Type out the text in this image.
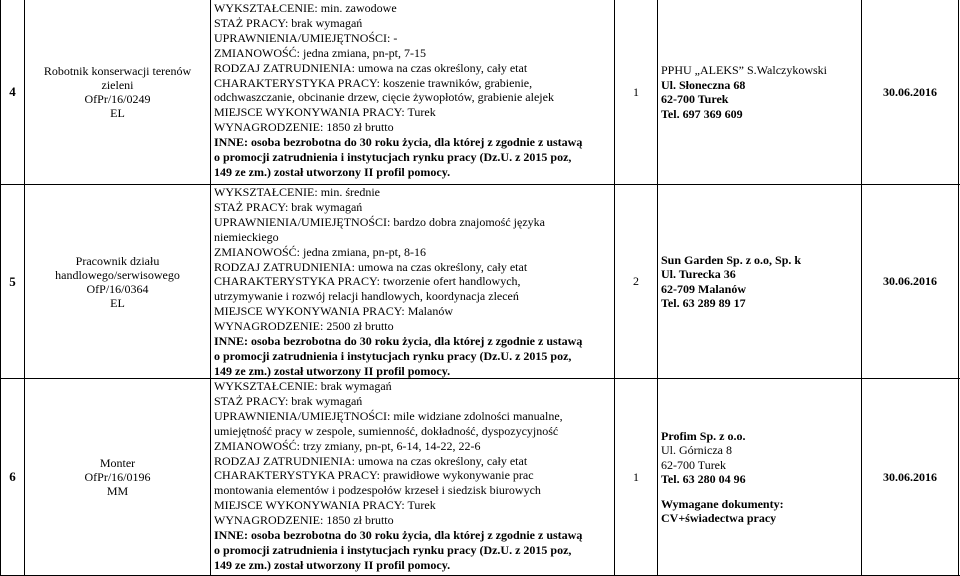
4
Robotnik konserwacji terenów
zieleni
OfPr/16/0249
EL
WYKSZTAŁCENIE: min. zawodowe
STAŻ PRACY: brak wymagań
UPRAWNIENIA/UMIEJĘTNOŚCI: -
ZMIANOWOŚĆ: jedna zmiana, pn-pt, 7-15
RODZAJ ZATRUDNIENIA: umowa na czas określony, cały etat
CHARAKTERYSTYKA PRACY: koszenie trawników, grabienie,
odchwaszczanie, obcinanie drzew, cięcie żywopłotów, grabienie alejek
MIEJSCE WYKONYWANIA PRACY: Turek
WYNAGRODZENIE: 1850 zł brutto
INNE: osoba bezrobotna do 30 roku życia, dla której z zgodnie z ustawą
o promocji zatrudnienia i instytucjach rynku pracy (Dz.U. z 2015 poz,
149 ze zm.) został utworzony II profil pomocy.
1
PPHU „ALEKS” S.Walczykowski
Ul. Słoneczna 68
62-700 Turek
Tel. 697 369 609
30.06.2016
5
Pracownik działu
handlowego/serwisowego
OfP/16/0364
EL
WYKSZTAŁCENIE: min. średnie
STAŻ PRACY: brak wymagań
UPRAWNIENIA/UMIEJĘTNOŚCI: bardzo dobra znajomość języka
niemieckiego
ZMIANOWOŚĆ: jedna zmiana, pn-pt, 8-16
RODZAJ ZATRUDNIENIA: umowa na czas określony, cały etat
CHARAKTERYSTYKA PRACY: tworzenie ofert handlowych,
utrzymywanie i rozwój relacji handlowych, koordynacja zleceń
MIEJSCE WYKONYWANIA PRACY: Malanów
WYNAGRODZENIE: 2500 zł brutto
INNE: osoba bezrobotna do 30 roku życia, dla której z zgodnie z ustawą
o promocji zatrudnienia i instytucjach rynku pracy (Dz.U. z 2015 poz,
149 ze zm.) został utworzony II profil pomocy.
2
Sun Garden Sp. z o.o, Sp. k
Ul. Turecka 36
62-709 Malanów
Tel. 63 289 89 17
30.06.2016
6
Monter
OfPr/16/0196
MM
WYKSZTAŁCENIE: brak wymagań
STAŻ PRACY: brak wymagań
UPRAWNIENIA/UMIEJĘTNOŚCI: mile widziane zdolności manualne,
umiejętność pracy w zespole, sumienność, dokładność, dyspozycyjność
ZMIANOWOŚĆ: trzy zmiany, pn-pt, 6-14, 14-22, 22-6
RODZAJ ZATRUDNIENIA: umowa na czas określony, cały etat
CHARAKTERYSTYKA PRACY: prawidłowe wykonywanie prac
montowania elementów i podzespołów krzeseł i siedzisk biurowych
MIEJSCE WYKONYWANIA PRACY: Turek
WYNAGRODZENIE: 1850 zł brutto
INNE: osoba bezrobotna do 30 roku życia, dla której z zgodnie z ustawą
o promocji zatrudnienia i instytucjach rynku pracy (Dz.U. z 2015 poz,
149 ze zm.) został utworzony II profil pomocy.
1
Profim Sp. z o.o.
Ul. Górnicza 8
62-700 Turek
Tel. 63 280 04 96
Wymagane dokumenty:
CV+świadectwa pracy
30.06.2016
